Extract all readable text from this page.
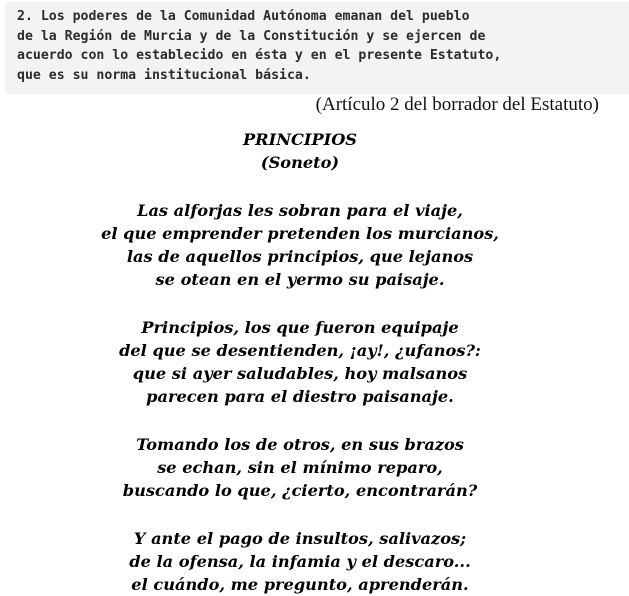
2. Los poderes de la Comunidad Autónoma emanan del pueblo
de la Región de Murcia y de la Constitución y se ejercen de
acuerdo con lo establecido en ésta y en el presente Estatuto,
que es su norma institucional básica.
(Artículo 2 del borrador del Estatuto)
PRINCIPIOS
(Soneto)
Las alforjas les sobran para el viaje,
el que emprender pretenden los murcianos,
las de aquellos principios, que lejanos
se otean en el yermo su paisaje.
Principios, los que fueron equipaje
del que se desentienden, ¡ay!, ¿ufanos?:
que si ayer saludables, hoy malsanos
parecen para el diestro paisanaje.
Tomando los de otros, en sus brazos
se echan, sin el mínimo reparo,
buscando lo que, ¿cierto, encontrarán?
Y ante el pago de insultos, salivazos;
de la ofensa, la infamia y el descaro...
el cuándo, me pregunto, aprenderán.
